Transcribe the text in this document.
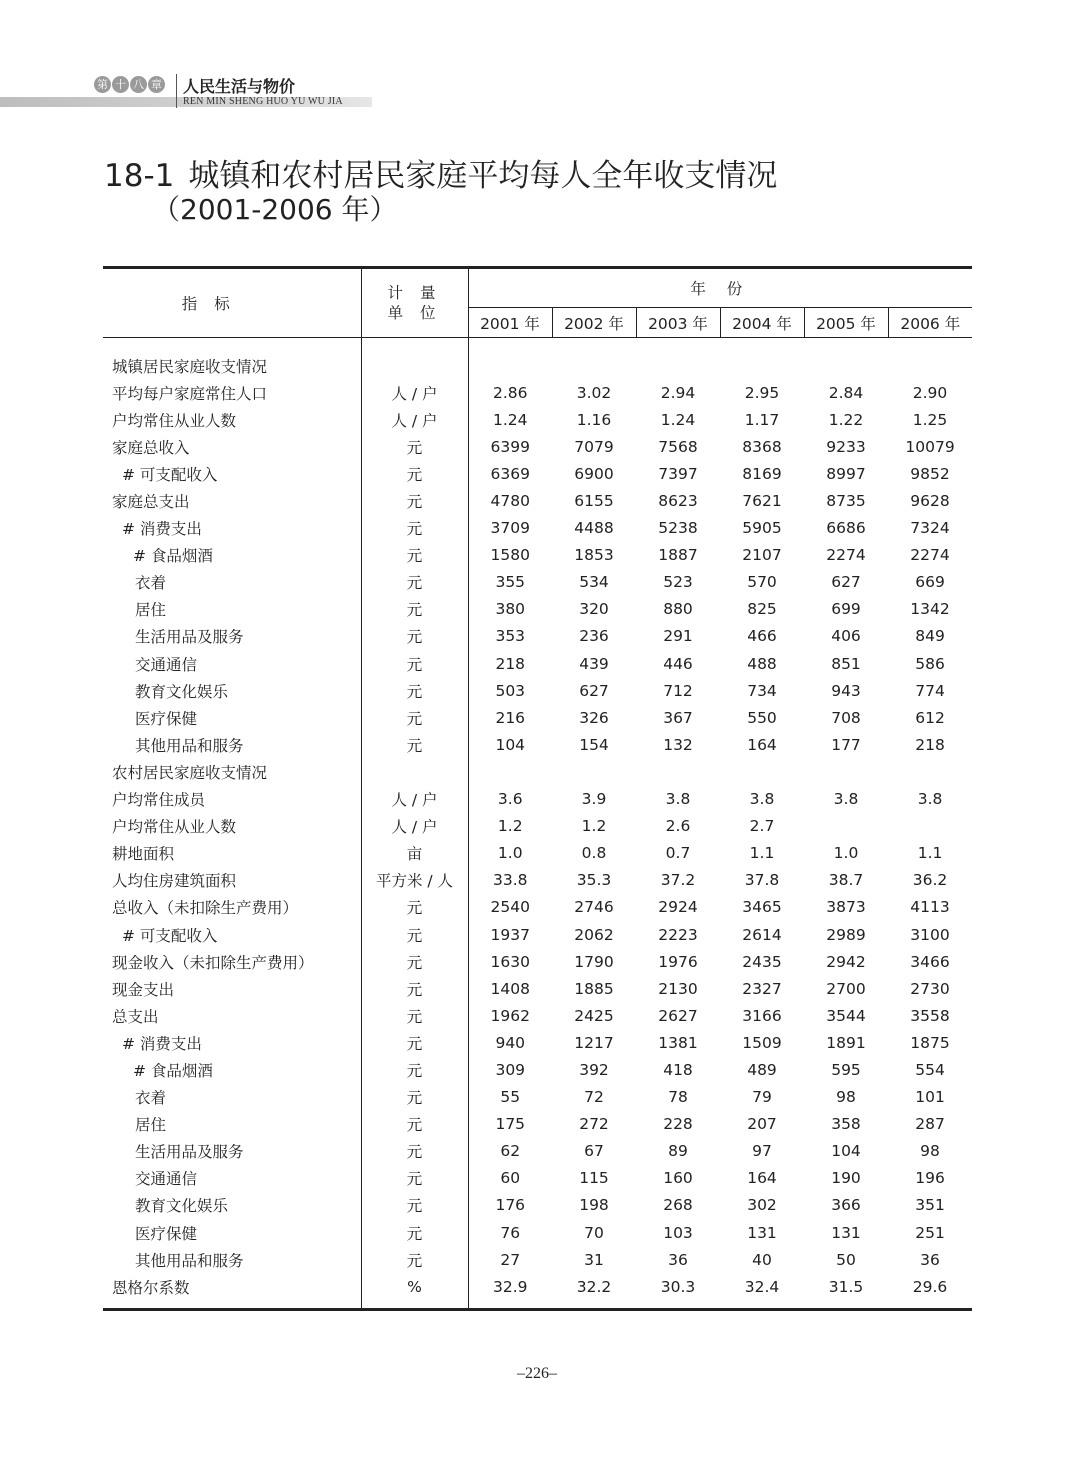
第 十 八 章 人民生活与物价
REN MIN SHENG HUO YU WU JIA
18-1 城镇和农村居民家庭平均每人全年收支情况
（2001-2006 年）
指 标	计 量
单 位	年 份					
		2001 年	2002 年	2003 年	2004 年	2005 年	2006 年

城镇居民家庭收支情况							
平均每户家庭常住人口	人 / 户	2.86	3.02	2.94	2.95	2.84	2.90
户均常住从业人数	人 / 户	1.24	1.16	1.24	1.17	1.22	1.25
家庭总收入	元	6399	7079	7568	8368	9233	10079
# 可支配收入	元	6369	6900	7397	8169	8997	9852
家庭总支出	元	4780	6155	8623	7621	8735	9628
# 消费支出	元	3709	4488	5238	5905	6686	7324
# 食品烟酒	元	1580	1853	1887	2107	2274	2274
衣着	元	355	534	523	570	627	669
居住	元	380	320	880	825	699	1342
生活用品及服务	元	353	236	291	466	406	849
交通通信	元	218	439	446	488	851	586
教育文化娱乐	元	503	627	712	734	943	774
医疗保健	元	216	326	367	550	708	612
其他用品和服务	元	104	154	132	164	177	218
农村居民家庭收支情况							
户均常住成员	人 / 户	3.6	3.9	3.8	3.8	3.8	3.8
户均常住从业人数	人 / 户	1.2	1.2	2.6	2.7		
耕地面积	亩	1.0	0.8	0.7	1.1	1.0	1.1
人均住房建筑面积	平方米 / 人	33.8	35.3	37.2	37.8	38.7	36.2
总收入（未扣除生产费用）	元	2540	2746	2924	3465	3873	4113
# 可支配收入	元	1937	2062	2223	2614	2989	3100
现金收入（未扣除生产费用）	元	1630	1790	1976	2435	2942	3466
现金支出	元	1408	1885	2130	2327	2700	2730
总支出	元	1962	2425	2627	3166	3544	3558
# 消费支出	元	940	1217	1381	1509	1891	1875
# 食品烟酒	元	309	392	418	489	595	554
衣着	元	55	72	78	79	98	101
居住	元	175	272	228	207	358	287
生活用品及服务	元	62	67	89	97	104	98
交通通信	元	60	115	160	164	190	196
教育文化娱乐	元	176	198	268	302	366	351
医疗保健	元	76	70	103	131	131	251
其他用品和服务	元	27	31	36	40	50	36
恩格尔系数	%	32.9	32.2	30.3	32.4	31.5	29.6
–226–
